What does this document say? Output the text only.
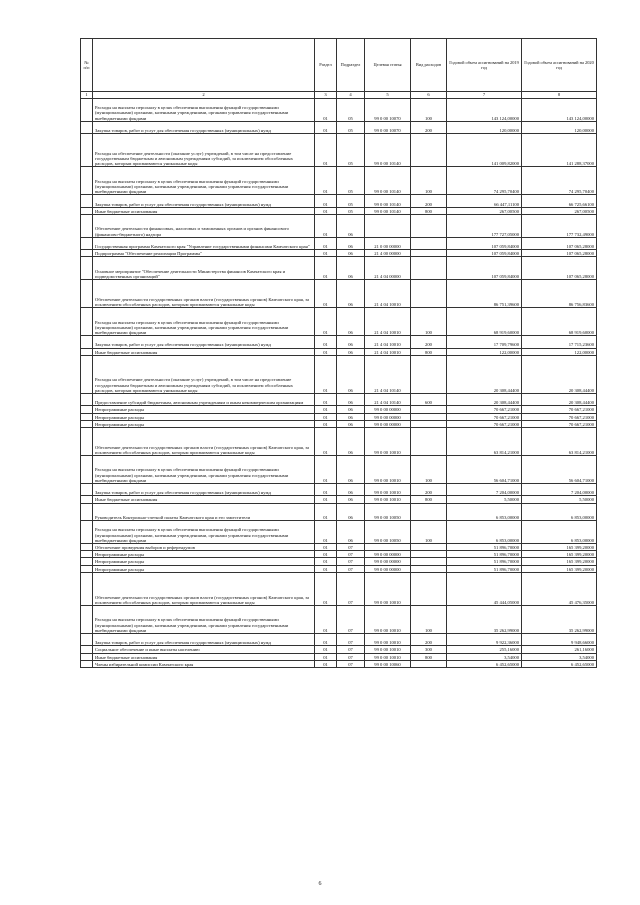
№ п/п		Раздел	Подраздел	Целевая статья	Вид расходов	Годовой объем ассигнований на 2019 год	Годовой объем ассигнований на 2020 год
1	2	3	4	5	6	7	8
	Расходы на выплаты персоналу в целях обеспечения выполнения функций государственными (муниципальными) органами, казенными учреждениями, органами управления государственными внебюджетными фондами	01	05	99 0 00 10070	100	143 124,00000	143 124,00000
	Закупка товаров, работ и услуг для обеспечения государственных (муниципальных) нужд	01	05	99 0 00 10070	200	120,00000	120,00000
	Расходы на обеспечение деятельности (оказание услуг) учреждений, в том числе на предоставление государственным бюджетным и автономным учреждениям субсидий, за исключением обособленных расходов, которым присваиваются уникальные коды	01	05	99 0 00 10140		141 009,82000	141 288,37000
	Расходы на выплаты персоналу в целях обеспечения выполнения функций государственными (муниципальными) органами, казенными учреждениями, органами управления государственными внебюджетными фондами	01	05	99 0 00 10140	100	74 295,70400	74 295,70400
	Закупка товаров, работ и услуг для обеспечения государственных (муниципальных) нужд	01	05	99 0 00 10140	200	66 447,11100	66 725,66100
	Иные бюджетные ассигнования	01	05	99 0 00 10140	800	267,00500	267,00500
	Обеспечение деятельности финансовых, налоговых и таможенных органов и органов финансового (финансово-бюджетного) надзора	01	06			177 727,05000	177 732,49000
	Государственная программа Камчатского края "Управление государственными финансами Камчатского края"	01	06	21 0 00 00000		107 059,84000	107 065,28000
	Подпрограмма "Обеспечение реализации Программы"	01	06	21 4 00 00000		107 059,84000	107 065,28000
	Основное мероприятие "Обеспечение деятельности Министерства финансов Камчатского края и подведомственных организаций"	01	06	21 4 04 00000		107 059,84000	107 065,28000
	Обеспечение деятельности государственных органов власти (государственных органов) Камчатского края, за исключением обособленных расходов, которым присваиваются уникальные коды	01	06	21 4 04 10010		86 751,39600	86 756,83600
	Расходы на выплаты персоналу в целях обеспечения выполнения функций государственными (муниципальными) органами, казенными учреждениями, органами управления государственными внебюджетными фондами	01	06	21 4 04 10010	100	68 919,60000	68 919,60000
	Закупка товаров, работ и услуг для обеспечения государственных (муниципальных) нужд	01	06	21 4 04 10010	200	17 709,79600	17 715,23600
	Иные бюджетные ассигнования	01	06	21 4 04 10010	800	122,00000	122,00000
	Расходы на обеспечение деятельности (оказание услуг) учреждений, в том числе на предоставление государственным бюджетным и автономным учреждениям субсидий, за исключением обособленных расходов, которым присваиваются уникальные коды	01	06	21 4 04 10140		20 308,44400	20 308,44400
	Предоставление субсидий бюджетным, автономным учреждениям и иным некоммерческим организациям	01	06	21 4 04 10140	600	20 308,44400	20 308,44400
	Непрограммные расходы	01	06	99 0 00 00000		70 667,21000	70 667,21000
	Непрограммные расходы	01	06	99 0 00 00000		70 667,21000	70 667,21000
	Непрограммные расходы	01	06	99 0 00 00000		70 667,21000	70 667,21000
	Обеспечение деятельности государственных органов власти (государственных органов) Камчатского края, за исключением обособленных расходов, которым присваиваются уникальные коды	01	06	99 0 00 10010		63 814,21000	63 814,21000
	Расходы на выплаты персоналу в целях обеспечения выполнения функций государственными (муниципальными) органами, казенными учреждениями, органами управления государственными внебюджетными фондами	01	06	99 0 00 10010	100	56 604,71000	56 604,71000
	Закупка товаров, работ и услуг для обеспечения государственных (муниципальных) нужд	01	06	99 0 00 10010	200	7 204,00000	7 204,00000
	Иные бюджетные ассигнования	01	06	99 0 00 10010	800	5,50000	5,50000
	Руководитель Контрольно-счетной палаты Камчатского края и его заместители	01	06	99 0 00 10050		6 853,00000	6 853,00000
	Расходы на выплаты персоналу в целях обеспечения выполнения функций государственными (муниципальными) органами, казенными учреждениями, органами управления государственными внебюджетными фондами	01	06	99 0 00 10050	100	6 853,00000	6 853,00000
	Обеспечение проведения выборов и референдумов	01	07			51 896,70000	165 399,20000
	Непрограммные расходы	01	07	99 0 00 00000		51 896,70000	165 399,20000
	Непрограммные расходы	01	07	99 0 00 00000		51 896,70000	165 399,20000
	Непрограммные расходы	01	07	99 0 00 00000		51 896,70000	165 399,20000
	Обеспечение деятельности государственных органов власти (государственных органов) Камчатского края, за исключением обособленных расходов, которым присваиваются уникальные коды	01	07	99 0 00 10010		45 444,05000	45 476,35000
	Расходы на выплаты персоналу в целях обеспечения выполнения функций государственными (муниципальными) органами, казенными учреждениями, органами управления государственными внебюджетными фондами	01	07	99 0 00 10010	100	35 262,99000	35 262,99000
	Закупка товаров, работ и услуг для обеспечения государственных (муниципальных) нужд	01	07	99 0 00 10010	200	9 922,36000	9 948,66000
	Социальное обеспечение и иные выплаты населению	01	07	99 0 00 10010	300	255,16000	261,16000
	Иные бюджетные ассигнования	01	07	99 0 00 10010	800	3,54000	3,54000
	Члены избирательной комиссии Камчатского края	01	07	99 0 00 10060		6 452,65000	6 452,65000
6
